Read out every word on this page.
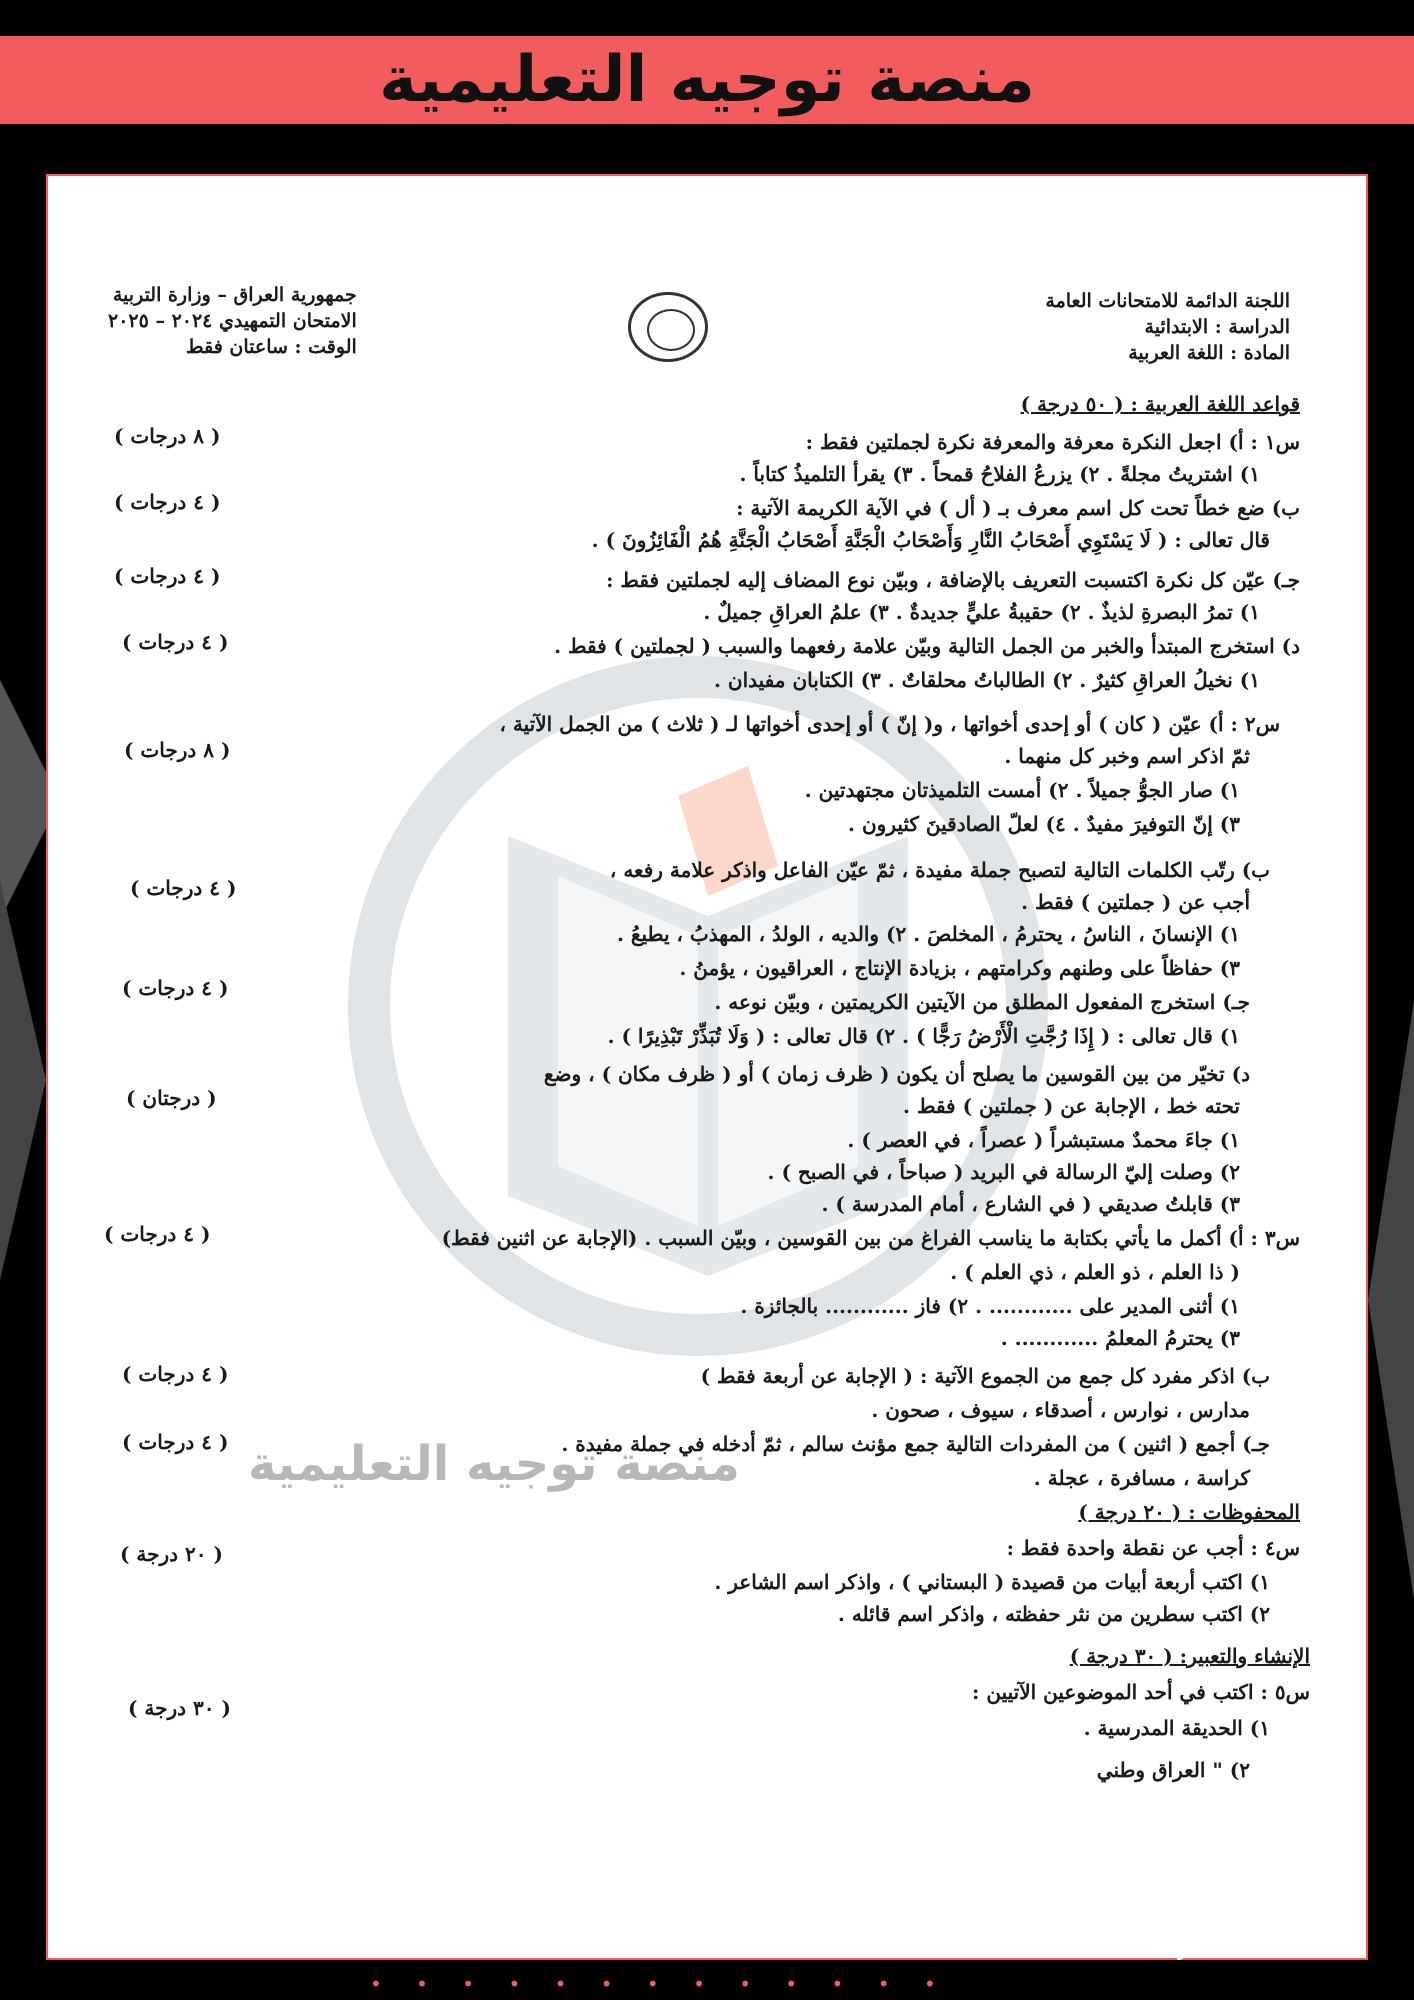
منصة توجيه التعليمية
اللجنة الدائمة للامتحانات العامة
الدراسة : الابتدائية
المادة : اللغة العربية
جمهورية العراق – وزارة التربية
الامتحان التمهيدي ٢٠٢٤ – ٢٠٢٥
الوقت : ساعتان فقط
قواعد اللغة العربية : ( ٥٠ درجة )
س١ : أ) اجعل النكرة معرفة والمعرفة نكرة لجملتين فقط :
١) اشتريتُ مجلةً . ٢) يزرعُ الفلاحُ قمحاً . ٣) يقرأ التلميذُ كتاباً .
ب) ضع خطاً تحت كل اسم معرف بـ ( أل ) في الآية الكريمة الآتية :
قال تعالى : ( لَا يَسْتَوِي أَصْحَابُ النَّارِ وَأَصْحَابُ الْجَنَّةِ أَصْحَابُ الْجَنَّةِ هُمُ الْفَائِزُونَ ) .
جـ) عيّن كل نكرة اكتسبت التعريف بالإضافة ، وبيّن نوع المضاف إليه لجملتين فقط :
١) تمرُ البصرةِ لذيذٌ . ٢) حقيبةُ عليٍّ جديدةٌ . ٣) علمُ العراقِ جميلٌ .
د) استخرج المبتدأ والخبر من الجمل التالية وبيّن علامة رفعهما والسبب ( لجملتين ) فقط .
١) نخيلُ العراقِ كثيرٌ . ٢) الطالباتُ محلقاتٌ . ٣) الكتابان مفيدان .
س٢ : أ) عيّن ( كان ) أو إحدى أخواتها ، و( إنّ ) أو إحدى أخواتها لـ ( ثلاث ) من الجمل الآتية ،
ثمّ اذكر اسم وخبر كل منهما .
١) صار الجوُّ جميلاً . ٢) أمست التلميذتان مجتهدتين .
٣) إنّ التوفيرَ مفيدٌ . ٤) لعلّ الصادقينَ كثيرون .
ب) رتّب الكلمات التالية لتصبح جملة مفيدة ، ثمّ عيّن الفاعل واذكر علامة رفعه ،
أجب عن ( جملتين ) فقط .
١) الإنسانَ ، الناسُ ، يحترمُ ، المخلصَ . ٢) والديه ، الولدُ ، المهذبُ ، يطيعُ .
٣) حفاظاً على وطنهم وكرامتهم ، بزيادة الإنتاج ، العراقيون ، يؤمنُ .
جـ) استخرج المفعول المطلق من الآيتين الكريمتين ، وبيّن نوعه .
١) قال تعالى : ( إِذَا رُجَّتِ الْأَرْضُ رَجًّا ) . ٢) قال تعالى : ( وَلَا تُبَذِّرْ تَبْذِيرًا ) .
د) تخيّر من بين القوسين ما يصلح أن يكون ( ظرف زمان ) أو ( ظرف مكان ) ، وضع
تحته خط ، الإجابة عن ( جملتين ) فقط .
١) جاءَ محمدٌ مستبشراً ( عصراً ، في العصر ) .
٢) وصلت إليّ الرسالة في البريد ( صباحاً ، في الصبح ) .
٣) قابلتُ صديقي ( في الشارع ، أمام المدرسة ) .
س٣ : أ) أكمل ما يأتي بكتابة ما يناسب الفراغ من بين القوسين ، وبيّن السبب . (الإجابة عن اثنين فقط)
( ذا العلم ، ذو العلم ، ذي العلم ) .
١) أثنى المدير على ............ . ٢) فاز ............ بالجائزة .
٣) يحترمُ المعلمُ ............ .
ب) اذكر مفرد كل جمع من الجموع الآتية : ( الإجابة عن أربعة فقط )
مدارس ، نوارس ، أصدقاء ، سيوف ، صحون .
جـ) أجمع ( اثنين ) من المفردات التالية جمع مؤنث سالم ، ثمّ أدخله في جملة مفيدة .
كراسة ، مسافرة ، عجلة .
المحفوظات : ( ٢٠ درجة )
س٤ : أجب عن نقطة واحدة فقط :
١) اكتب أربعة أبيات من قصيدة ( البستاني ) ، واذكر اسم الشاعر .
٢) اكتب سطرين من نثر حفظته ، واذكر اسم قائله .
الإنشاء والتعبير: ( ٣٠ درجة )
س٥ : اكتب في أحد الموضوعين الآتيين :
١) الحديقة المدرسية .
٢) " العراق وطني
( ٨ درجات )
( ٤ درجات )
( ٤ درجات )
( ٤ درجات )
( ٨ درجات )
( ٤ درجات )
( ٤ درجات )
( درجتان )
( ٤ درجات )
( ٤ درجات )
( ٤ درجات )
( ٢٠ درجة )
( ٣٠ درجة )
منصة توجيه التعليمية
telegram : @EduTawjeeh	www.EduTawjeeh.com
• • • • • • • • • • • • •
